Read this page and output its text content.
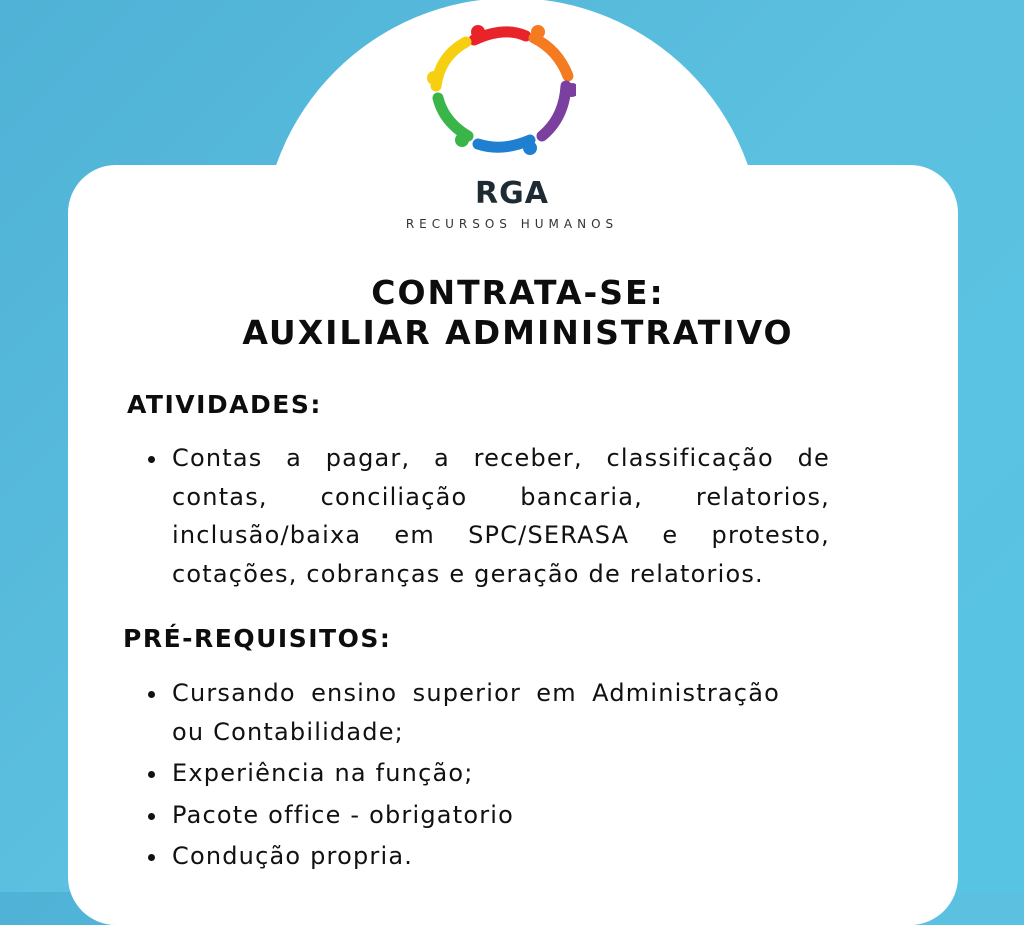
RGA
RECURSOS HUMANOS
CONTRATA-SE:
AUXILIAR ADMINISTRATIVO
ATIVIDADES:
Contas a pagar, a receber, classificação de contas, conciliação bancaria, relatorios, inclusão/baixa em SPC/SERASA e protesto, cotações, cobranças e geração de relatorios.
PRÉ-REQUISITOS:
Cursando ensino superior em Administração ou Contabilidade;
Experiência na função;
Pacote office - obrigatorio
Condução propria.
